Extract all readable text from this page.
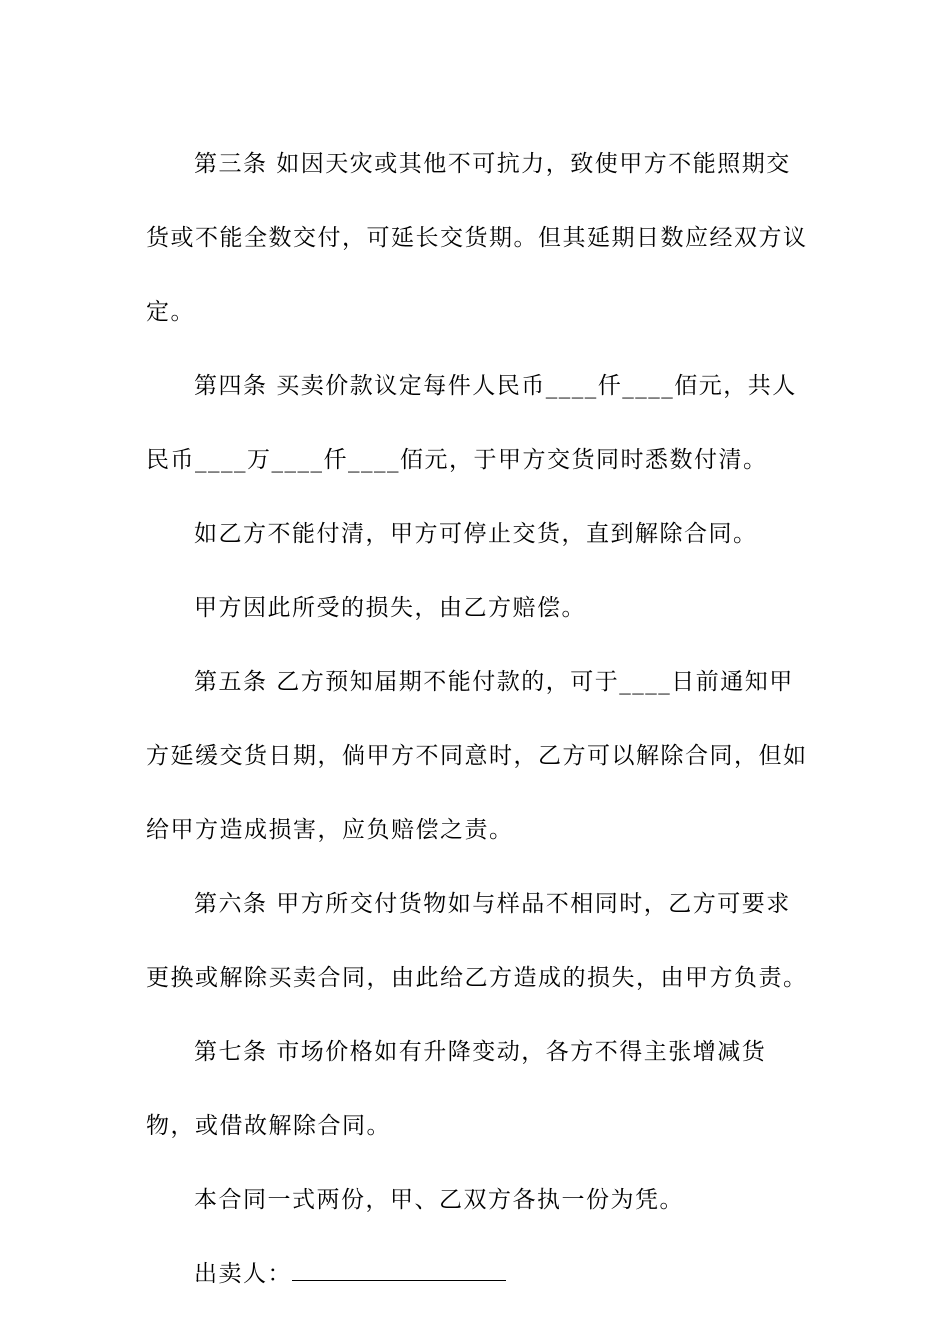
第三条 如因天灾或其他不可抗力，致使甲方不能照期交货或不能全数交付，可延长交货期。但其延期日数应经双方议定。

第四条 买卖价款议定每件人民币____仟____佰元，共人民币____万____仟____佰元，于甲方交货同时悉数付清。

如乙方不能付清，甲方可停止交货，直到解除合同。

甲方因此所受的损失，由乙方赔偿。

第五条 乙方预知届期不能付款的，可于____日前通知甲方延缓交货日期，倘甲方不同意时，乙方可以解除合同，但如给甲方造成损害，应负赔偿之责。

第六条 甲方所交付货物如与样品不相同时，乙方可要求更换或解除买卖合同，由此给乙方造成的损失，由甲方负责。

第七条 市场价格如有升降变动，各方不得主张增减货物，或借故解除合同。

本合同一式两份，甲、乙双方各执一份为凭。

出卖人：
